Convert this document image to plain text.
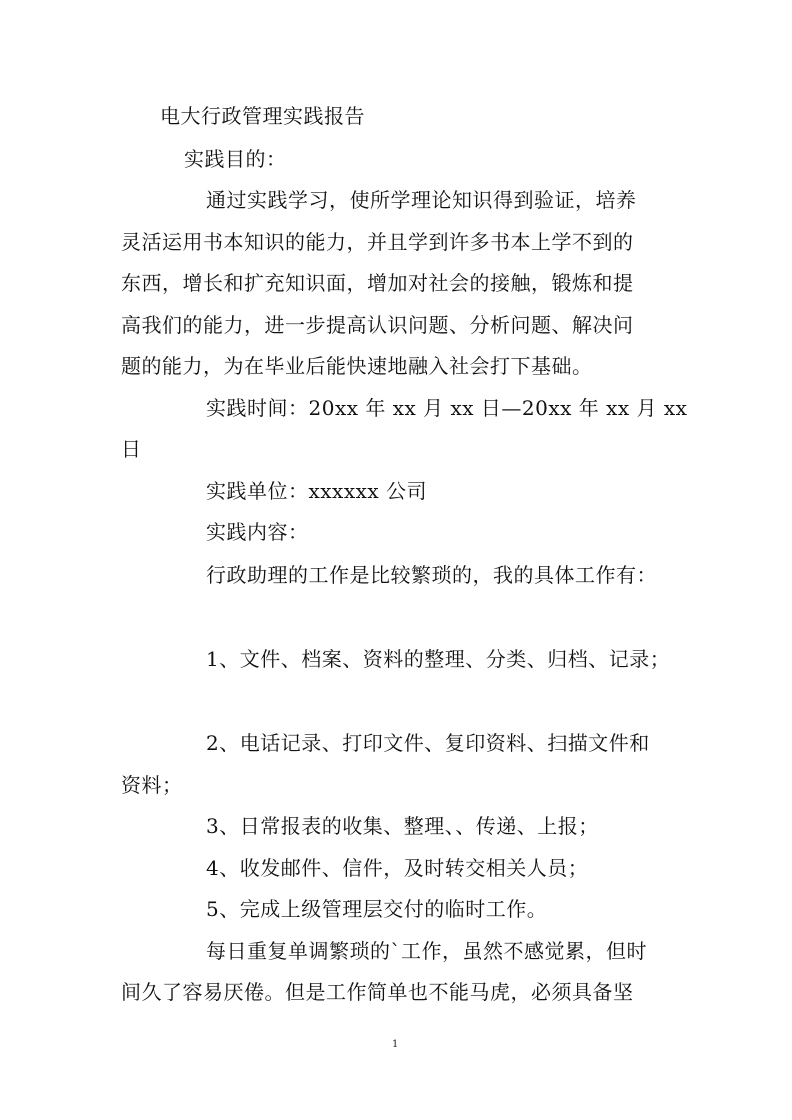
电大行政管理实践报告
实践目的：
通过实践学习，使所学理论知识得到验证，培养
灵活运用书本知识的能力，并且学到许多书本上学不到的
东西，增长和扩充知识面，增加对社会的接触，锻炼和提
高我们的能力，进一步提高认识问题、分析问题、解决问
题的能力，为在毕业后能快速地融入社会打下基础。
实践时间：20xx 年 xx 月 xx 日—20xx 年 xx 月 xx
日
实践单位：xxxxxx 公司
实践内容：
行政助理的工作是比较繁琐的，我的具体工作有：
1、文件、档案、资料的整理、分类、归档、记录；
2、电话记录、打印文件、复印资料、扫描文件和
资料；
3、日常报表的收集、整理、、传递、上报；
4、收发邮件、信件，及时转交相关人员；
5、完成上级管理层交付的临时工作。
每日重复单调繁琐的`工作，虽然不感觉累，但时
间久了容易厌倦。但是工作简单也不能马虎，必须具备坚
1
